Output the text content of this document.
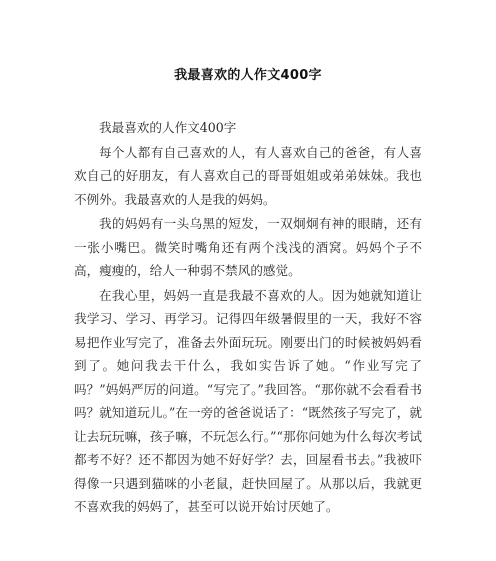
我最喜欢的人作文400字

我最喜欢的人作文400字

每个人都有自己喜欢的人，有人喜欢自己的爸爸，有人喜欢自己的好朋友，有人喜欢自己的哥哥姐姐或弟弟妹妹。我也不例外。我最喜欢的人是我的妈妈。

我的妈妈有一头乌黑的短发，一双炯炯有神的眼睛，还有一张小嘴巴。微笑时嘴角还有两个浅浅的酒窝。妈妈个子不高，瘦瘦的，给人一种弱不禁风的感觉。

在我心里，妈妈一直是我最不喜欢的人。因为她就知道让我学习、学习、再学习。记得四年级暑假里的一天，我好不容易把作业写完了，准备去外面玩玩。刚要出门的时候被妈妈看到了。她问我去干什么，我如实告诉了她。“作业写完了吗？”妈妈严厉的问道。“写完了。”我回答。“那你就不会看看书吗？就知道玩儿。”在一旁的爸爸说话了：“既然孩子写完了，就让去玩玩嘛，孩子嘛，不玩怎么行。”“那你问她为什么每次考试都考不好？还不都因为她不好好学？去，回屋看书去。”我被吓得像一只遇到猫咪的小老鼠，赶快回屋了。从那以后，我就更不喜欢我的妈妈了，甚至可以说开始讨厌她了。
